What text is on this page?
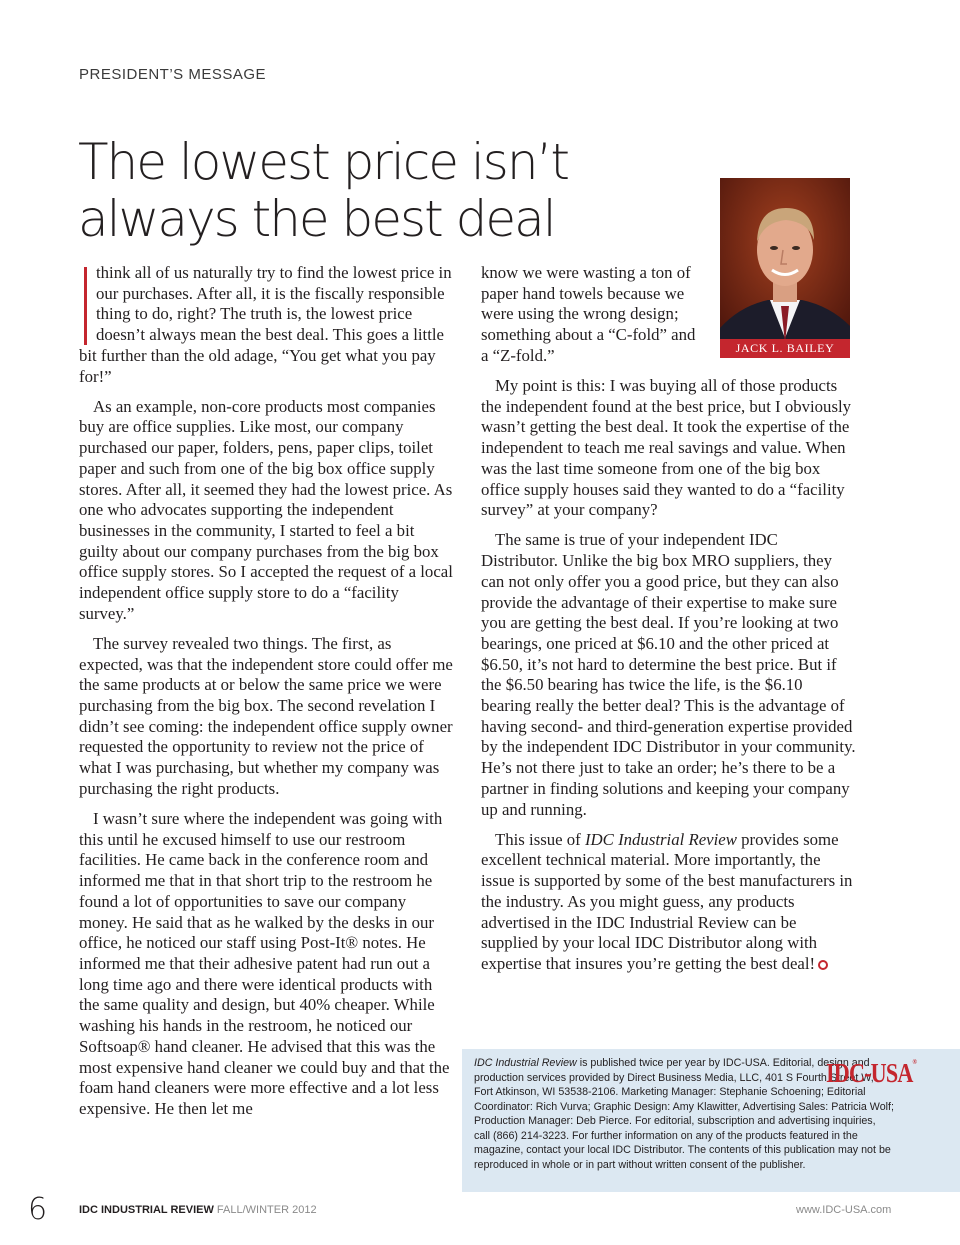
PRESIDENT’S MESSAGE
The lowest price isn’t
always the best deal
JACK L. BAILEY

think all of us naturally try to find the lowest price in our purchases. After all, it is the fiscally responsible thing to do, right? The truth is, the lowest price doesn’t always mean the best deal. This goes a little bit further than the old adage, “You get what you pay for!”

As an example, non-core products most companies buy are office supplies. Like most, our company purchased our paper, folders, pens, paper clips, toilet paper and such from one of the big box office supply stores. After all, it seemed they had the lowest price. As one who advocates supporting the independent businesses in the community, I started to feel a bit guilty about our company purchases from the big box office supply stores. So I accepted the request of a local independent office supply store to do a “facility survey.”

The survey revealed two things. The first, as expected, was that the independent store could offer me the same products at or below the same price we were purchasing from the big box. The second revelation I didn’t see coming: the independent office supply owner requested the opportunity to review not the price of what I was purchasing, but whether my company was purchasing the right products.

I wasn’t sure where the independent was going with this until he excused himself to use our restroom facilities. He came back in the conference room and informed me that in that short trip to the restroom he found a lot of opportunities to save our company money. He said that as he walked by the desks in our office, he noticed our staff using Post-It® notes. He informed me that their adhesive patent had run out a long time ago and there were identical products with the same quality and design, but 40% cheaper. While washing his hands in the restroom, he noticed our Softsoap® hand cleaner. He advised that this was the most expensive hand cleaner we could buy and that the foam hand cleaners were more effective and a lot less expensive. He then let me

know we were wasting a ton of paper hand towels because we were using the wrong design; something about a “C-fold” and a “Z-fold.”

My point is this: I was buying all of those products the independent found at the best price, but I obviously wasn’t getting the best deal. It took the expertise of the independent to teach me real savings and value. When was the last time someone from one of the big box office supply houses said they wanted to do a “facility survey” at your company?

The same is true of your independent IDC Distributor. Unlike the big box MRO suppliers, they can not only offer you a good price, but they can also provide the advantage of their expertise to make sure you are getting the best deal. If you’re looking at two bearings, one priced at $6.10 and the other priced at $6.50, it’s not hard to determine the best price. But if the $6.50 bearing has twice the life, is the $6.10 bearing really the better deal? This is the advantage of having second- and third-generation expertise provided by the independent IDC Distributor in your community. He’s not there just to take an order; he’s there to be a partner in finding solutions and keeping your company up and running.

This issue of IDC Industrial Review provides some excellent technical material. More importantly, the issue is supported by some of the best manufacturers in the industry. As you might guess, any products advertised in the IDC Industrial Review can be supplied by your local IDC Distributor along with expertise that insures you’re getting the best deal!

IDC Industrial Review is published twice per year by IDC-USA. Editorial, design and production services provided by Direct Business Media, LLC, 401 S Fourth Street W, Fort Atkinson, WI 53538-2106. Marketing Manager: Stephanie Schoening; Editorial Coordinator: Rich Vurva; Graphic Design: Amy Klawitter, Advertising Sales: Patricia Wolf; Production Manager: Deb Pierce. For editorial, subscription and advertising inquiries, call (866) 214-3223. For further information on any of the products featured in the magazine, contact your local IDC Distributor. The contents of this publication may not be reproduced in whole or in part without written consent of the publisher.
IDC-USA®
6	IDC INDUSTRIAL REVIEW FALL/WINTER 2012	www.IDC-USA.com
